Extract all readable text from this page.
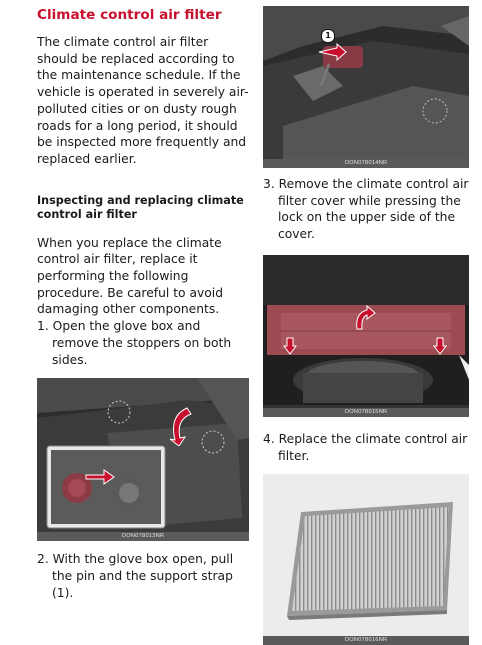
1
OON078014NR

3. Remove the climate control air filter cover while pressing the lock on the upper side of the cover.

OON078015NR

4. Replace the climate control air filter.

OON078016NR
Climate control air filter

The climate control air filter should be replaced according to the maintenance schedule. If the vehicle is operated in severely air-polluted cities or on dusty rough roads for a long period, it should be inspected more frequently and replaced earlier.

Inspecting and replacing climate control air filter

When you replace the climate control air filter, replace it performing the following procedure. Be careful to avoid damaging other components.

1. Open the glove box and remove the stoppers on both sides.

OON078013NR

2. With the glove box open, pull the pin and the support strap (1).
